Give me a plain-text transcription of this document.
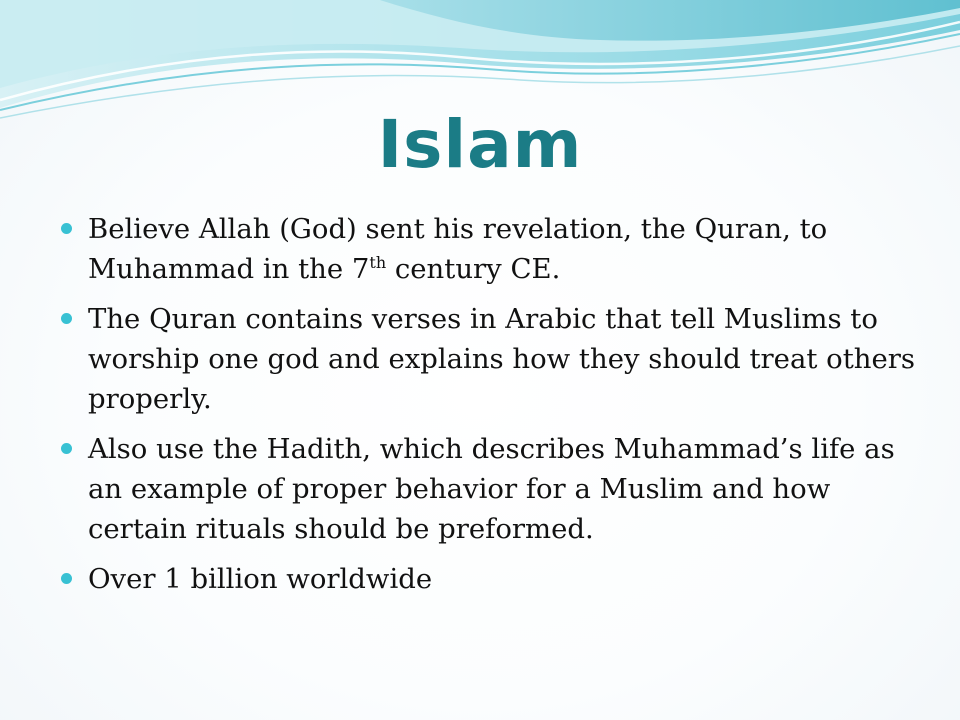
Islam
Believe Allah (God) sent his revelation, the Quran, to Muhammad in the 7th century CE.
The Quran contains verses in Arabic that tell Muslims to worship one god and explains how they should treat others properly.
Also use the Hadith, which describes Muhammad’s life as an example of proper behavior for a Muslim and how certain rituals should be preformed.
Over 1 billion worldwide
